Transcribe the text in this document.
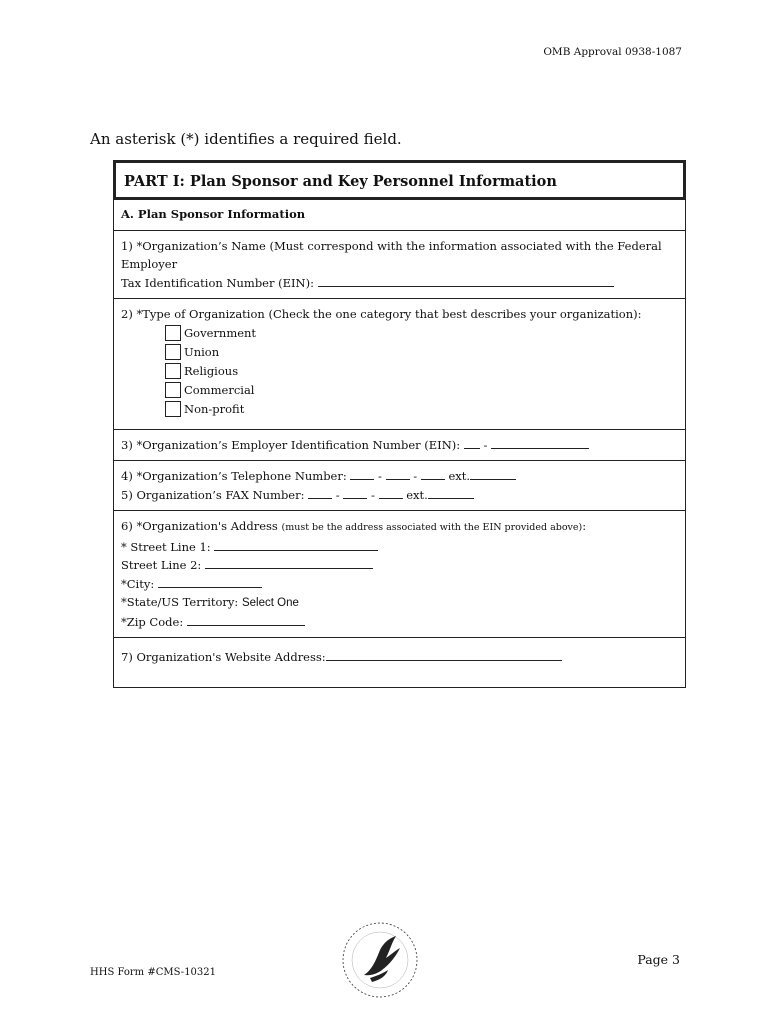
OMB Approval 0938-1087
An asterisk (*) identifies a required field.
PART I: Plan Sponsor and Key Personnel Information
A. Plan Sponsor Information
1) *Organization’s Name (Must correspond with the information associated with the Federal Employer
Tax Identification Number (EIN):
2) *Type of Organization (Check the one category that best describes your organization):
Government
Union
Religious
Commercial
Non-profit
3) *Organization’s Employer Identification Number (EIN): -
4) *Organization’s Telephone Number:	-	-	ext.
5) Organization’s FAX Number:	-	-	ext.
6) *Organization's Address (must be the address associated with the EIN provided above):
* Street Line 1:
Street Line 2:
*City:
*State/US Territory: Select One
*Zip Code:
7) Organization's Website Address:
HHS Form #CMS-10321
Page 3
